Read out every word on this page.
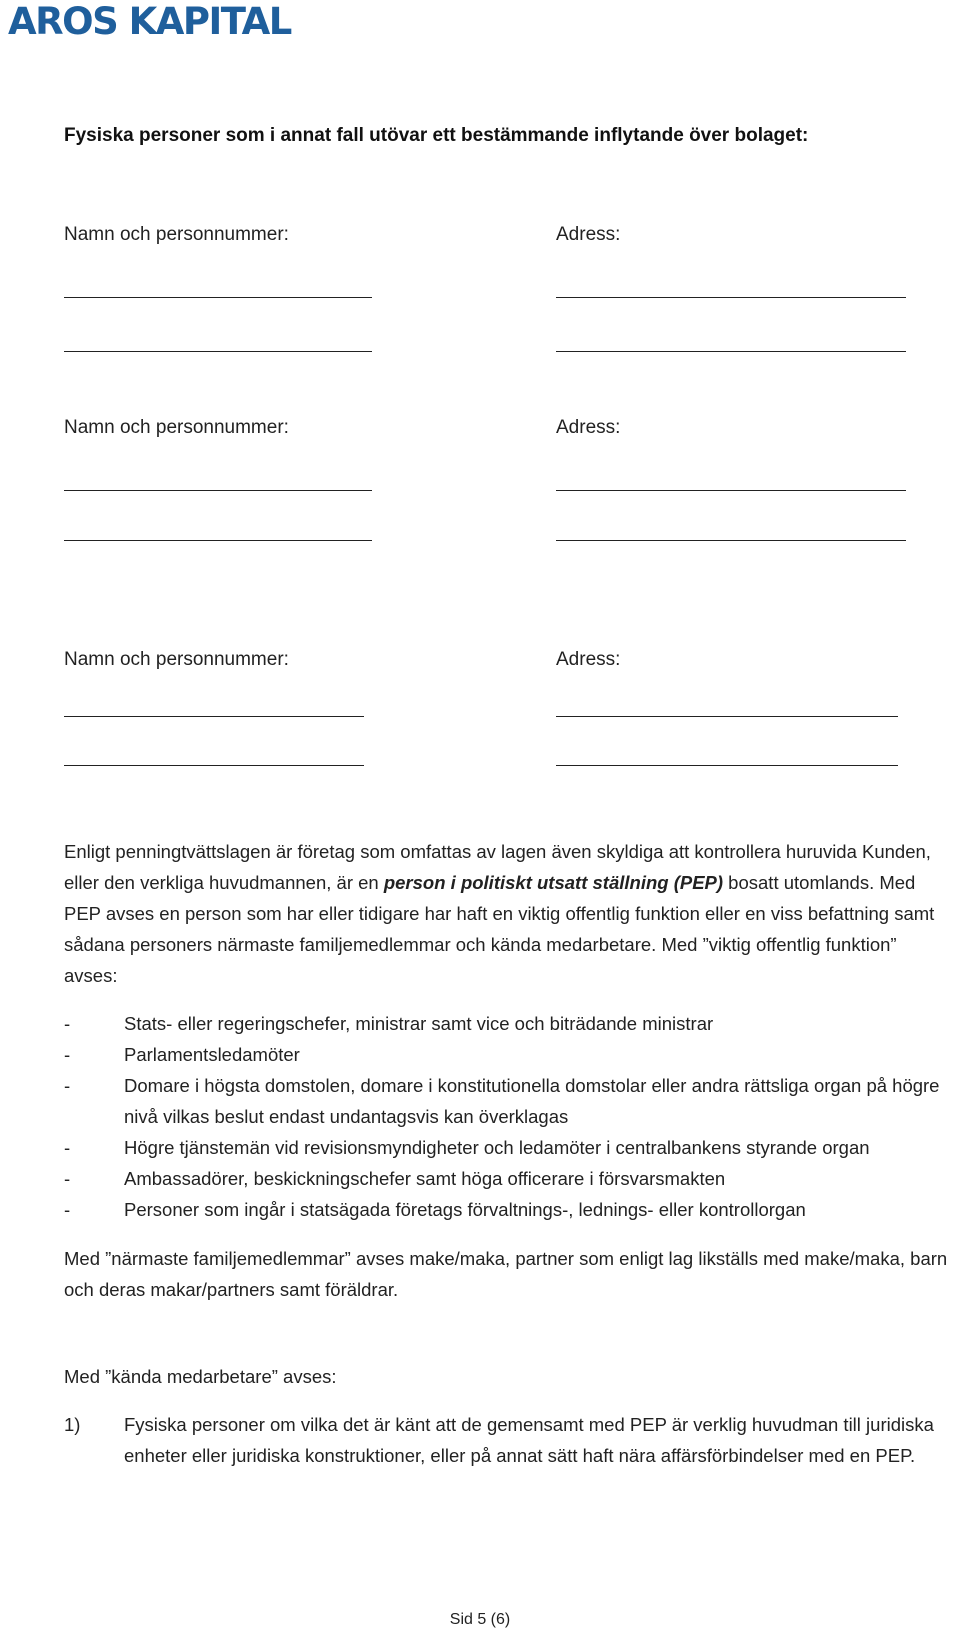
AROS KAPITAL
Fysiska personer som i annat fall utövar ett bestämmande inflytande över bolaget:
Namn och personnummer:	Adress:
Namn och personnummer:	Adress:
Namn och personnummer:	Adress:
Enligt penningtvättslagen är företag som omfattas av lagen även skyldiga att kontrollera huruvida Kunden, eller den verkliga huvudmannen, är en person i politiskt utsatt ställning (PEP) bosatt utomlands. Med PEP avses en person som har eller tidigare har haft en viktig offentlig funktion eller en viss befattning samt sådana personers närmaste familjemedlemmar och kända medarbetare. Med ”viktig offentlig funktion” avses:
-	Stats- eller regeringschefer, ministrar samt vice och biträdande ministrar
-	Parlamentsledamöter
-	Domare i högsta domstolen, domare i konstitutionella domstolar eller andra rättsliga organ på högre nivå vilkas beslut endast undantagsvis kan överklagas
-	Högre tjänstemän vid revisionsmyndigheter och ledamöter i centralbankens styrande organ
-	Ambassadörer, beskickningschefer samt höga officerare i försvarsmakten
-	Personer som ingår i statsägada företags förvaltnings-, lednings- eller kontrollorgan
Med ”närmaste familjemedlemmar” avses make/maka, partner som enligt lag likställs med make/maka, barn och deras makar/partners samt föräldrar.
Med ”kända medarbetare” avses:
1)	Fysiska personer om vilka det är känt att de gemensamt med PEP är verklig huvudman till juridiska enheter eller juridiska konstruktioner, eller på annat sätt haft nära affärsförbindelser med en PEP.
Sid 5 (6)
